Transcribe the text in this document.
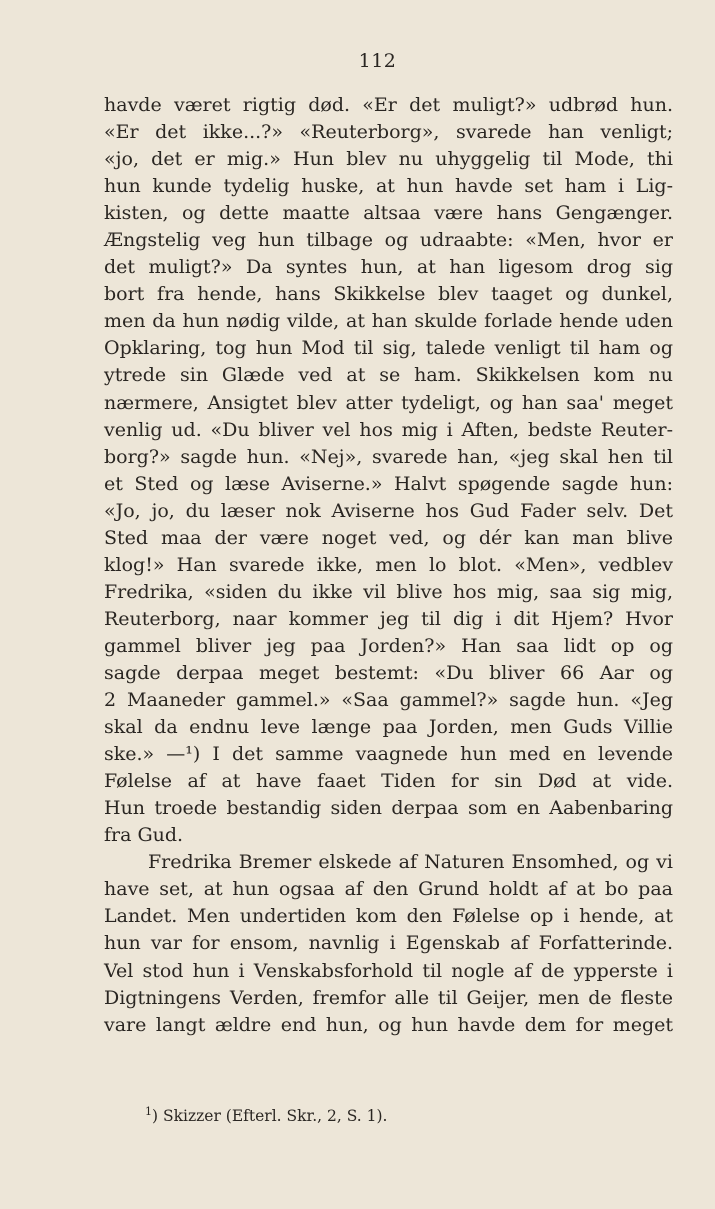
112
havde været rigtig død. «Er det muligt?» udbrød hun.
«Er det ikke...?» «Reuterborg», svarede han venligt;
«jo, det er mig.» Hun blev nu uhyggelig til Mode, thi
hun kunde tydelig huske, at hun havde set ham i Lig-
kisten, og dette maatte altsaa være hans Gengænger.
Ængstelig veg hun tilbage og udraabte: «Men, hvor er
det muligt?» Da syntes hun, at han ligesom drog sig
bort fra hende, hans Skikkelse blev taaget og dunkel,
men da hun nødig vilde, at han skulde forlade hende uden
Opklaring, tog hun Mod til sig, talede venligt til ham og
ytrede sin Glæde ved at se ham. Skikkelsen kom nu
nærmere, Ansigtet blev atter tydeligt, og han saa' meget
venlig ud. «Du bliver vel hos mig i Aften, bedste Reuter-
borg?» sagde hun. «Nej», svarede han, «jeg skal hen til
et Sted og læse Aviserne.» Halvt spøgende sagde hun:
«Jo, jo, du læser nok Aviserne hos Gud Fader selv. Det
Sted maa der være noget ved, og dér kan man blive
klog!» Han svarede ikke, men lo blot. «Men», vedblev
Fredrika, «siden du ikke vil blive hos mig, saa sig mig,
Reuterborg, naar kommer jeg til dig i dit Hjem? Hvor
gammel bliver jeg paa Jorden?» Han saa lidt op og
sagde derpaa meget bestemt: «Du bliver 66 Aar og
2 Maaneder gammel.» «Saa gammel?» sagde hun. «Jeg
skal da endnu leve længe paa Jorden, men Guds Villie
ske.» —¹) I det samme vaagnede hun med en levende
Følelse af at have faaet Tiden for sin Død at vide.
Hun troede bestandig siden derpaa som en Aabenbaring
fra Gud.
Fredrika Bremer elskede af Naturen Ensomhed, og vi
have set, at hun ogsaa af den Grund holdt af at bo paa
Landet. Men undertiden kom den Følelse op i hende, at
hun var for ensom, navnlig i Egenskab af Forfatterinde.
Vel stod hun i Venskabsforhold til nogle af de ypperste i
Digtningens Verden, fremfor alle til Geijer, men de fleste
vare langt ældre end hun, og hun havde dem for meget
$^1$) Skizzer (Efterl. Skr., 2, S. 1).
